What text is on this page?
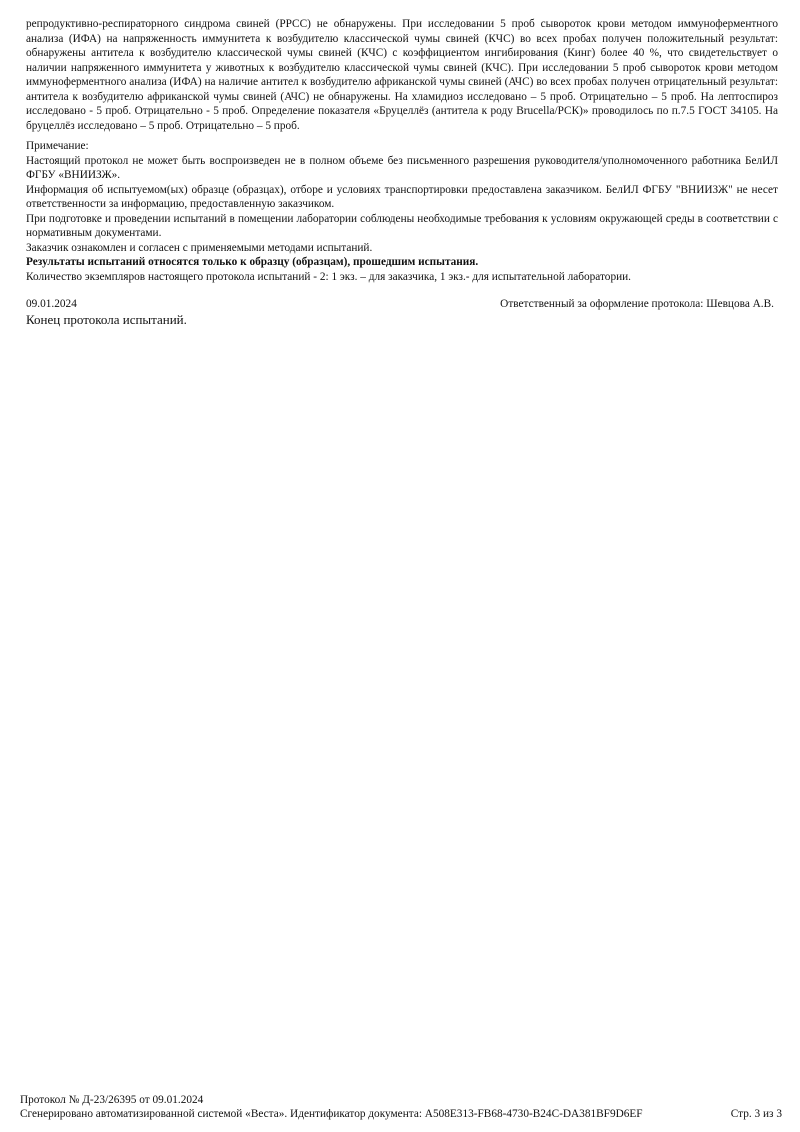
репродуктивно-респираторного синдрома свиней (РРСС) не обнаружены. При исследовании 5 проб сывороток крови методом иммуноферментного анализа (ИФА) на напряженность иммунитета к возбудителю классической чумы свиней (КЧС) во всех пробах получен положительный результат: обнаружены антитела к возбудителю классической чумы свиней (КЧС) с коэффициентом ингибирования (Кинг) более 40 %, что свидетельствует о наличии напряженного иммунитета у животных к возбудителю классической чумы свиней (КЧС). При исследовании 5 проб сывороток крови методом иммуноферментного анализа (ИФА) на наличие антител к возбудителю африканской чумы свиней (АЧС) во всех пробах получен отрицательный результат: антитела к возбудителю африканской чумы свиней (АЧС) не обнаружены. На хламидиоз исследовано – 5 проб. Отрицательно – 5 проб. На лептоспироз исследовано - 5 проб. Отрицательно - 5 проб. Определение показателя «Бруцеллёз (антитела к роду Brucella/РСК)» проводилось по п.7.5 ГОСТ 34105. На бруцеллёз исследовано – 5 проб. Отрицательно – 5 проб.

Примечание:

Настоящий протокол не может быть воспроизведен не в полном объеме без письменного разрешения руководителя/уполномоченного работника БелИЛ ФГБУ «ВНИИЗЖ».

Информация об испытуемом(ых) образце (образцах), отборе и условиях транспортировки предоставлена заказчиком. БелИЛ ФГБУ "ВНИИЗЖ" не несет ответственности за информацию, предоставленную заказчиком.

При подготовке и проведении испытаний в помещении лаборатории соблюдены необходимые требования к условиям окружающей среды в соответствии с нормативным документами.

Заказчик ознакомлен и согласен с применяемыми методами испытаний.

Результаты испытаний относятся только к образцу (образцам), прошедшим испытания.

Количество экземпляров настоящего протокола испытаний - 2: 1 экз. – для заказчика, 1 экз.- для испытательной лаборатории.

09.01.2024	Ответственный за оформление протокола: Шевцова А.В.
Конец протокола испытаний.
Протокол № Д-23/26395 от 09.01.2024
Сгенерировано автоматизированной системой «Веста». Идентификатор документа: A508E313-FB68-4730-B24C-DA381BF9D6EF	Стр. 3 из 3
